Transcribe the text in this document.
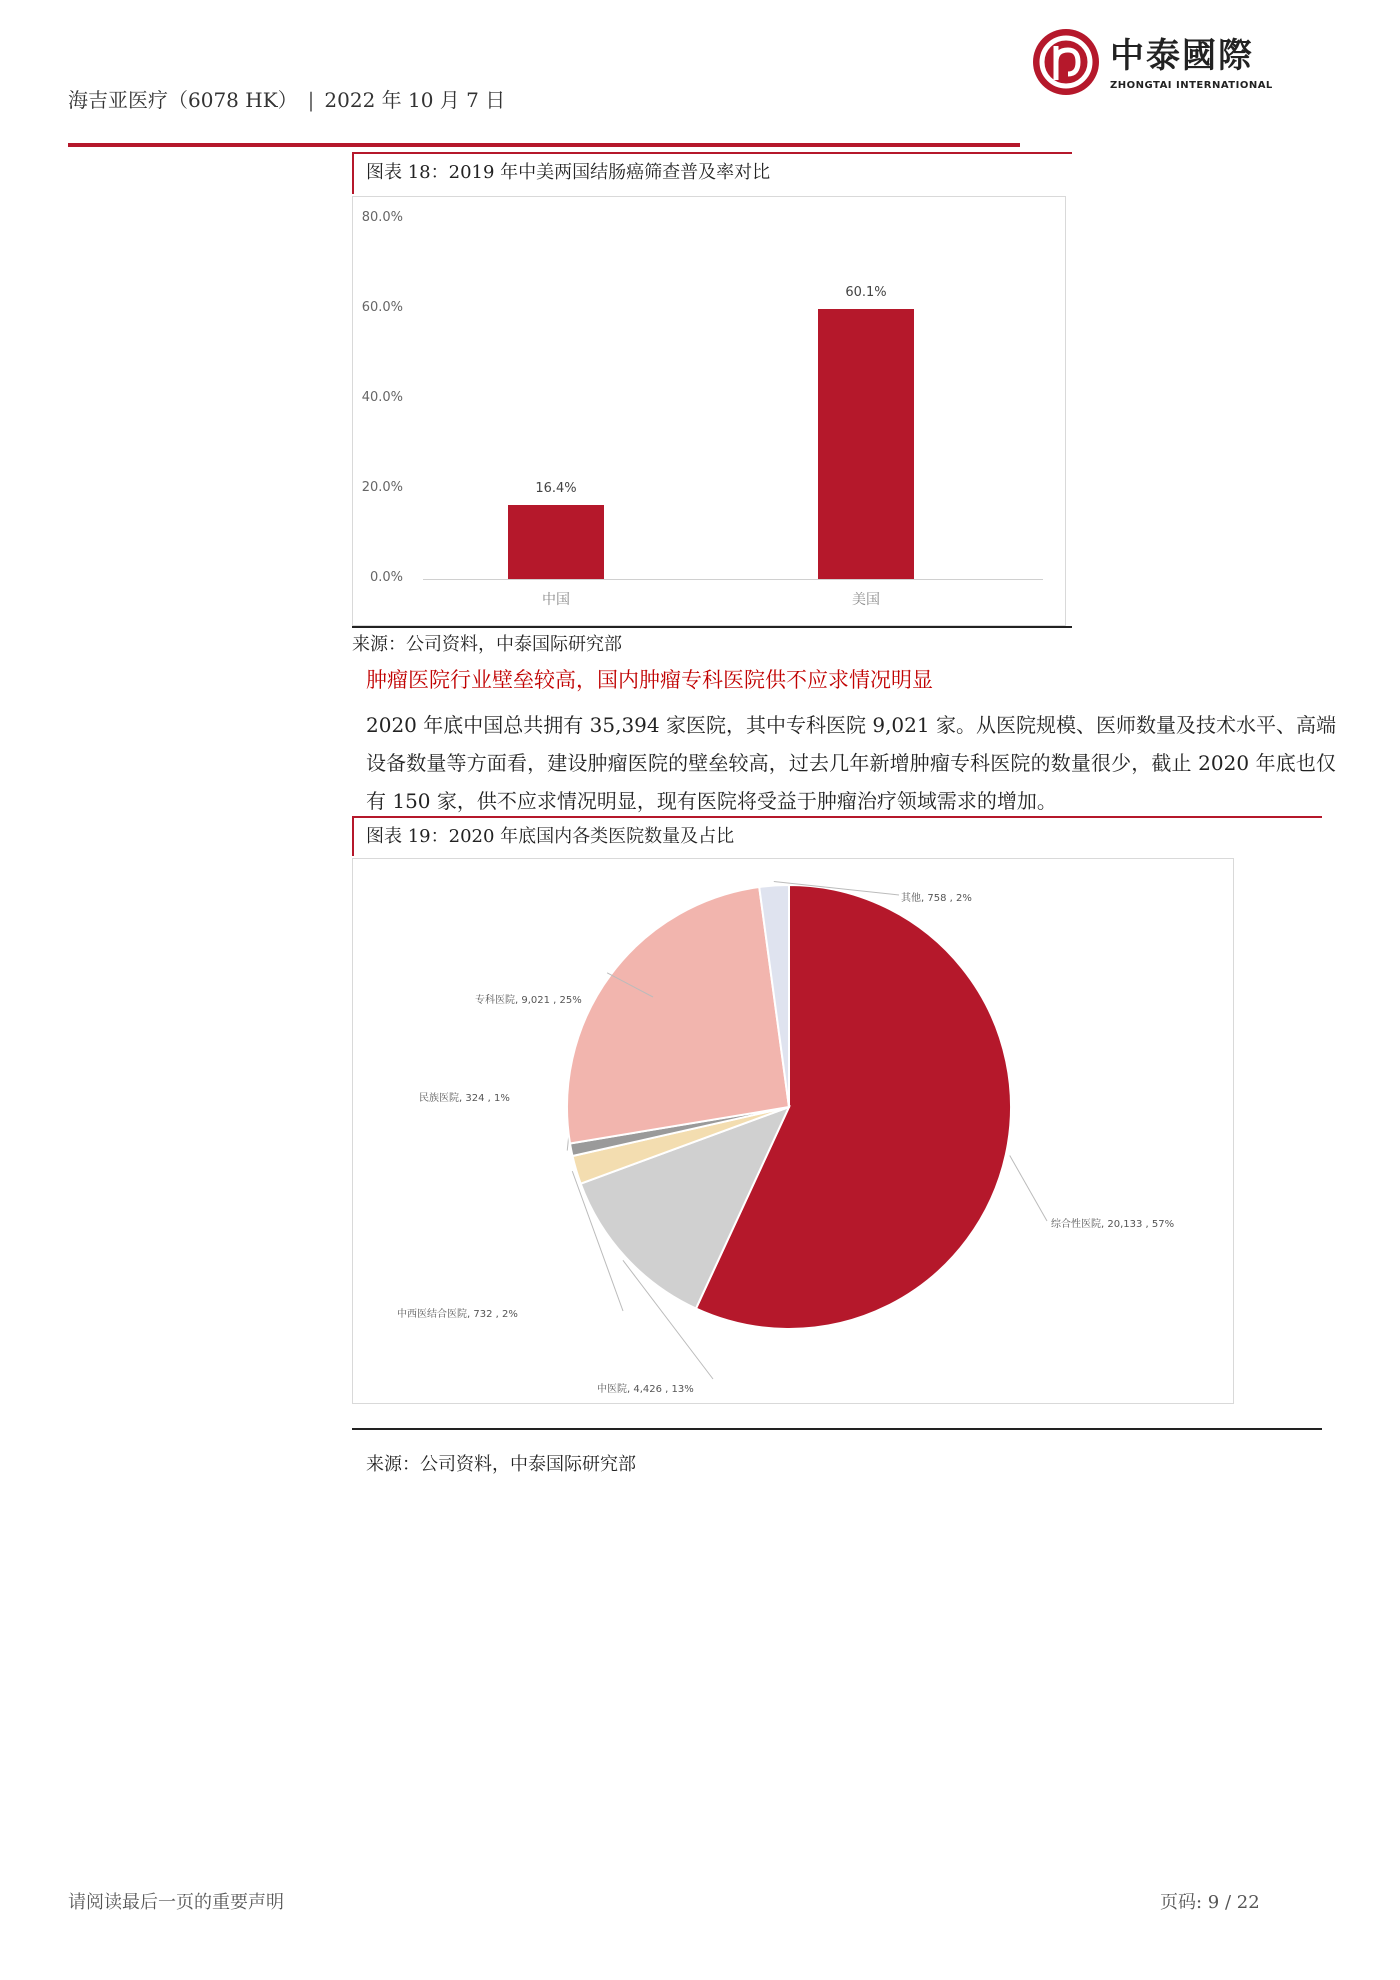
海吉亚医疗（6078 HK） | 2022 年 10 月 7 日
中泰國際
ZHONGTAI INTERNATIONAL
图表 18：2019 年中美两国结肠癌筛查普及率对比
80.0%
60.0%
40.0%
20.0%
0.0%
16.4%
60.1%
中国	美国
来源：公司资料，中泰国际研究部
肿瘤医院行业壁垒较高，国内肿瘤专科医院供不应求情况明显
2020 年底中国总共拥有 35,394 家医院，其中专科医院 9,021 家。从医院规模、医师数量及技术水平、高端设备数量等方面看，建设肿瘤医院的壁垒较高，过去几年新增肿瘤专科医院的数量很少，截止 2020 年底也仅有 150 家，供不应求情况明显，现有医院将受益于肿瘤治疗领域需求的增加。
图表 19：2020 年底国内各类医院数量及占比
综合性医院, 20,133 , 57%
中医院, 4,426 , 13%
中西医结合医院, 732 , 2%
民族医院, 324 , 1%
专科医院, 9,021 , 25%
其他, 758 , 2%
来源：公司资料，中泰国际研究部
请阅读最后一页的重要声明	页码: 9 / 22
